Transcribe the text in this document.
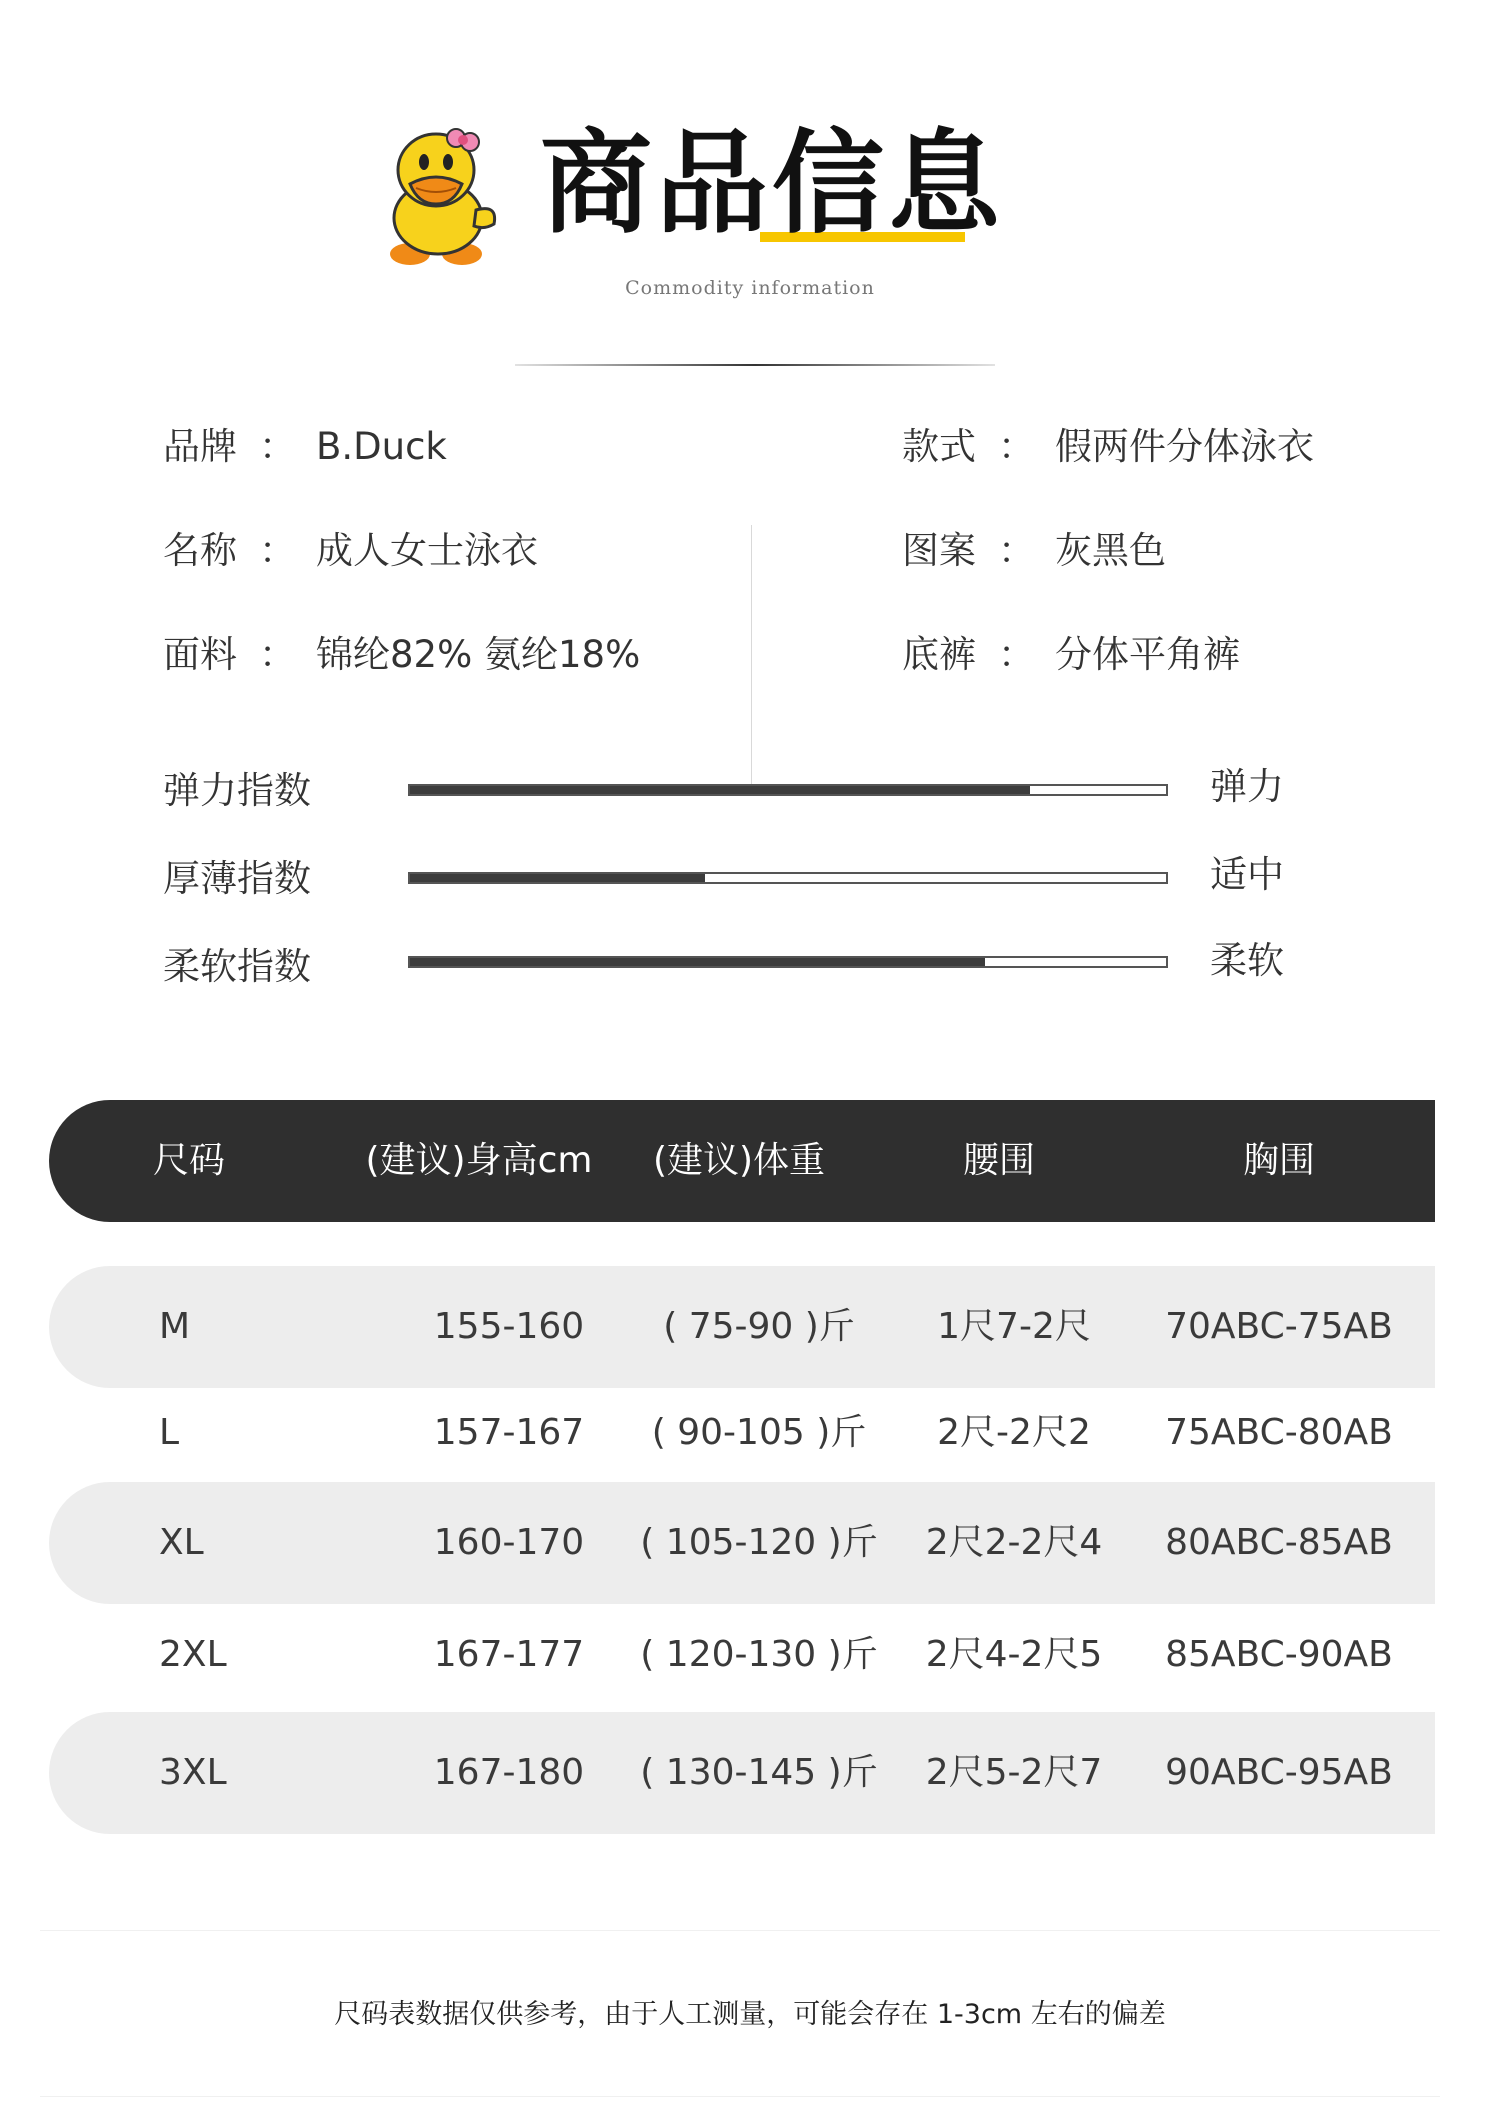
商品信息
Commodity information
品牌 ： B.Duck	款式 ： 假两件分体泳衣
名称 ： 成人女士泳衣	图案 ： 灰黑色
面料 ： 锦纶82% 氨纶18%	底裤 ： 分体平角裤
弹力指数	弹力
厚薄指数	适中
柔软指数	柔软
尺码	(建议)身高cm	(建议)体重	腰围	胸围
M	155-160	( 75-90 )斤	1尺7-2尺	70ABC-75AB
L	157-167	( 90-105 )斤	2尺-2尺2	75ABC-80AB
XL	160-170	( 105-120 )斤	2尺2-2尺4	80ABC-85AB
2XL	167-177	( 120-130 )斤	2尺4-2尺5	85ABC-90AB
3XL	167-180	( 130-145 )斤	2尺5-2尺7	90ABC-95AB
尺码表数据仅供参考，由于人工测量，可能会存在 1-3cm 左右的偏差
